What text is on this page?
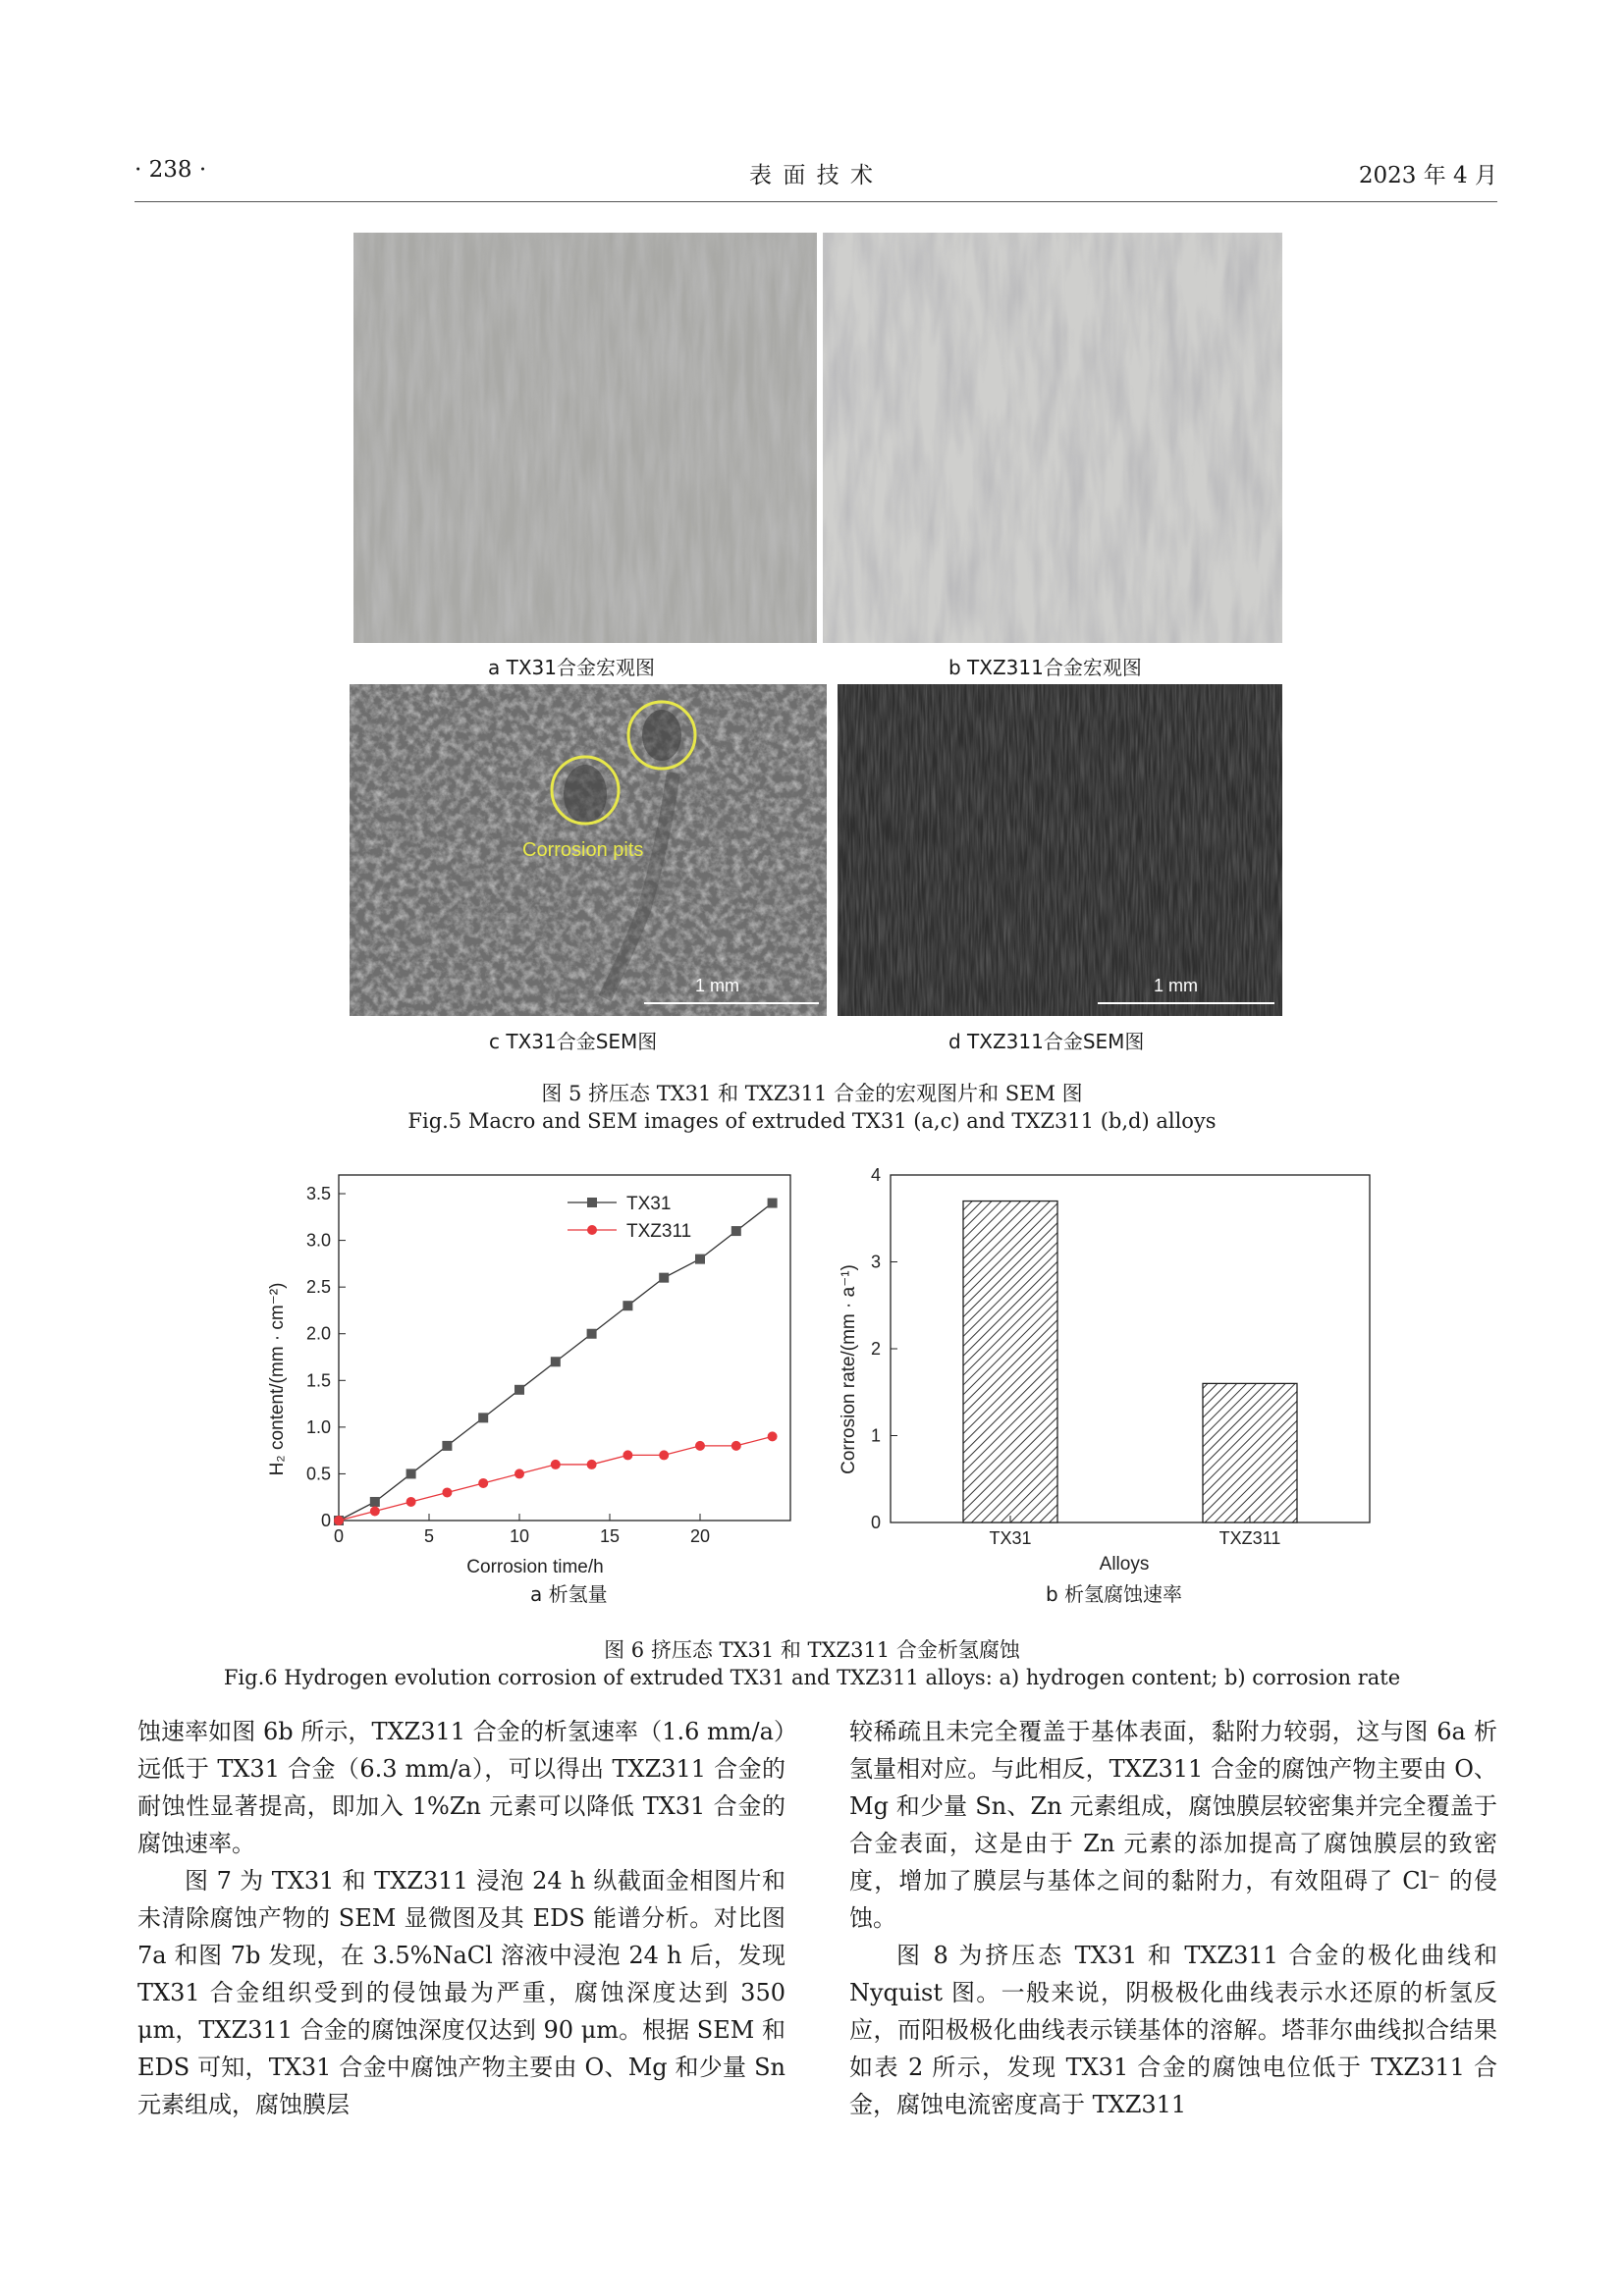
· 238 ·	表 面 技 术	2023 年 4 月
a TX31合金宏观图	b TXZ311合金宏观图
Corrosion pits
1 mm
c TX31合金SEM图
1 mm
d TXZ311合金SEM图
图 5 挤压态 TX31 和 TXZ311 合金的宏观图片和 SEM 图
Fig.5 Macro and SEM images of extruded TX31 (a,c) and TXZ311 (b,d) alloys
0	5	10	15	20
0
0.5
1.0
1.5
2.0
2.5
3.0
3.5	TX31
TXZ311
Corrosion time/h
H₂ content/(mm · cm⁻²)
a 析氢量
0
1
2
3
4
TX31	TXZ311
Alloys
Corrosion rate/(mm · a⁻¹)
b 析氢腐蚀速率
图 6 挤压态 TX31 和 TXZ311 合金析氢腐蚀
Fig.6 Hydrogen evolution corrosion of extruded TX31 and TXZ311 alloys: a) hydrogen content; b) corrosion rate

蚀速率如图 6b 所示，TXZ311 合金的析氢速率（1.6 mm/a）远低于 TX31 合金（6.3 mm/a），可以得出 TXZ311 合金的耐蚀性显著提高，即加入 1%Zn 元素可以降低 TX31 合金的腐蚀速率。

图 7 为 TX31 和 TXZ311 浸泡 24 h 纵截面金相图片和未清除腐蚀产物的 SEM 显微图及其 EDS 能谱分析。对比图 7a 和图 7b 发现，在 3.5%NaCl 溶液中浸泡 24 h 后，发现 TX31 合金组织受到的侵蚀最为严重，腐蚀深度达到 350 μm，TXZ311 合金的腐蚀深度仅达到 90 μm。根据 SEM 和 EDS 可知，TX31 合金中腐蚀产物主要由 O、Mg 和少量 Sn 元素组成，腐蚀膜层

较稀疏且未完全覆盖于基体表面，黏附力较弱，这与图 6a 析氢量相对应。与此相反，TXZ311 合金的腐蚀产物主要由 O、Mg 和少量 Sn、Zn 元素组成，腐蚀膜层较密集并完全覆盖于合金表面，这是由于 Zn 元素的添加提高了腐蚀膜层的致密度，增加了膜层与基体之间的黏附力，有效阻碍了 Cl⁻ 的侵蚀。

图 8 为挤压态 TX31 和 TXZ311 合金的极化曲线和 Nyquist 图。一般来说，阴极极化曲线表示水还原的析氢反应，而阳极极化曲线表示镁基体的溶解。塔菲尔曲线拟合结果如表 2 所示，发现 TX31 合金的腐蚀电位低于 TXZ311 合金，腐蚀电流密度高于 TXZ311
